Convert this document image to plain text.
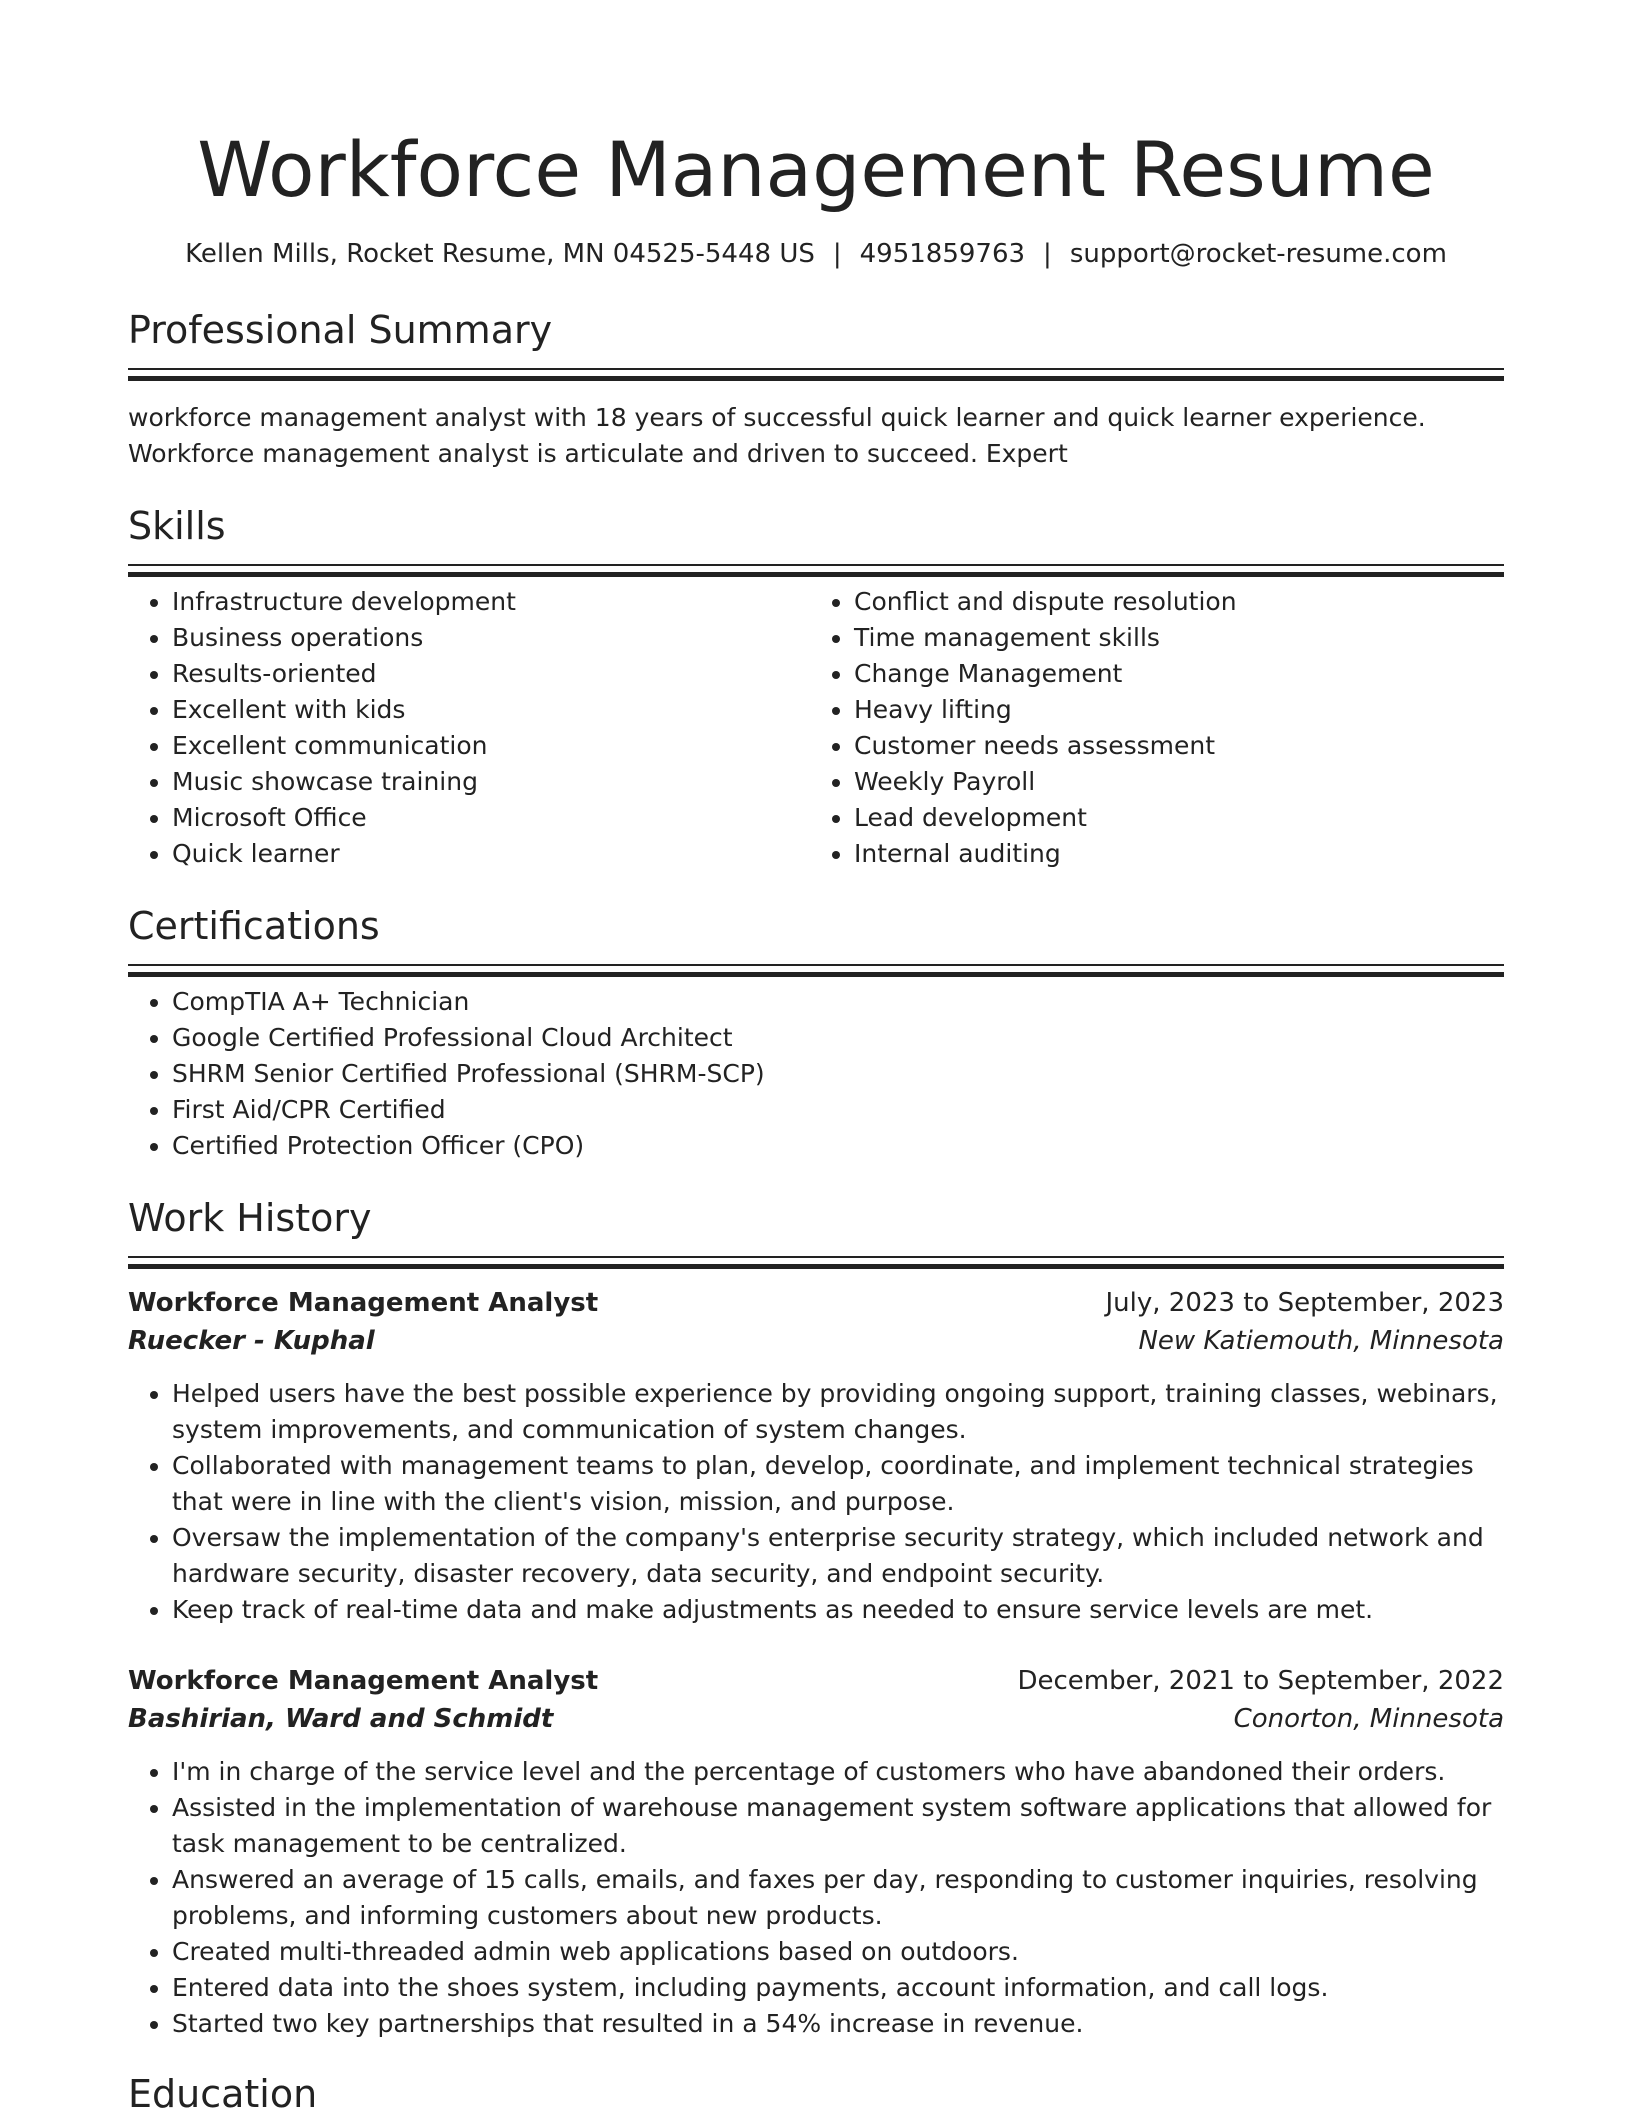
Workforce Management Resume
Kellen Mills, Rocket Resume, MN 04525-5448 US | 4951859763 | support@rocket-resume.com
Professional Summary
workforce management analyst with 18 years of successful quick learner and quick learner experience. Workforce management analyst is articulate and driven to succeed. Expert
Skills
• Infrastructure development
• Business operations
• Results-oriented
• Excellent with kids
• Excellent communication
• Music showcase training
• Microsoft Office
• Quick learner
• Conflict and dispute resolution
• Time management skills
• Change Management
• Heavy lifting
• Customer needs assessment
• Weekly Payroll
• Lead development
• Internal auditing
Certifications
• CompTIA A+ Technician
• Google Certified Professional Cloud Architect
• SHRM Senior Certified Professional (SHRM-SCP)
• First Aid/CPR Certified
• Certified Protection Officer (CPO)
Work History
Workforce Management Analyst	July, 2023 to September, 2023
Ruecker - Kuphal	New Katiemouth, Minnesota
• Helped users have the best possible experience by providing ongoing support, training classes, webinars, system improvements, and communication of system changes.
• Collaborated with management teams to plan, develop, coordinate, and implement technical strategies that were in line with the client's vision, mission, and purpose.
• Oversaw the implementation of the company's enterprise security strategy, which included network and hardware security, disaster recovery, data security, and endpoint security.
• Keep track of real-time data and make adjustments as needed to ensure service levels are met.
Workforce Management Analyst	December, 2021 to September, 2022
Bashirian, Ward and Schmidt	Conorton, Minnesota
• I'm in charge of the service level and the percentage of customers who have abandoned their orders.
• Assisted in the implementation of warehouse management system software applications that allowed for task management to be centralized.
• Answered an average of 15 calls, emails, and faxes per day, responding to customer inquiries, resolving problems, and informing customers about new products.
• Created multi-threaded admin web applications based on outdoors.
• Entered data into the shoes system, including payments, account information, and call logs.
• Started two key partnerships that resulted in a 54% increase in revenue.
Education
